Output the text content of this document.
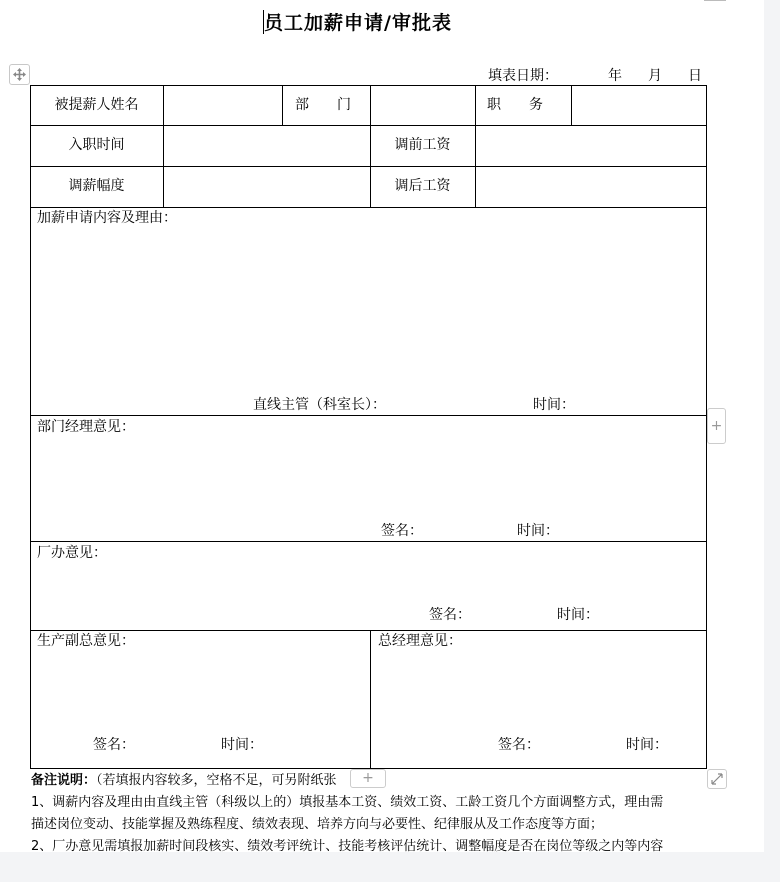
员工加薪申请/审批表
填表日期：	年 月 日
被提薪人姓名	部　　门	职　　务
入职时间	调前工资
调薪幅度	调后工资
加薪申请内容及理由：
直线主管（科室长）：	时间：
部门经理意见：
签名：	时间：
厂办意见：
签名：	时间：
生产副总意见：
签名：	时间：
总经理意见：
签名：	时间：
备注说明：（若填报内容较多，空格不足，可另附纸张
1、调薪内容及理由由直线主管（科级以上的）填报基本工资、绩效工资、工龄工资几个方面调整方式，理由需
描述岗位变动、技能掌握及熟练程度、绩效表现、培养方向与必要性、纪律服从及工作态度等方面；
2、厂办意见需填报加薪时间段核实、绩效考评统计、技能考核评估统计、调整幅度是否在岗位等级之内等内容
+
+
